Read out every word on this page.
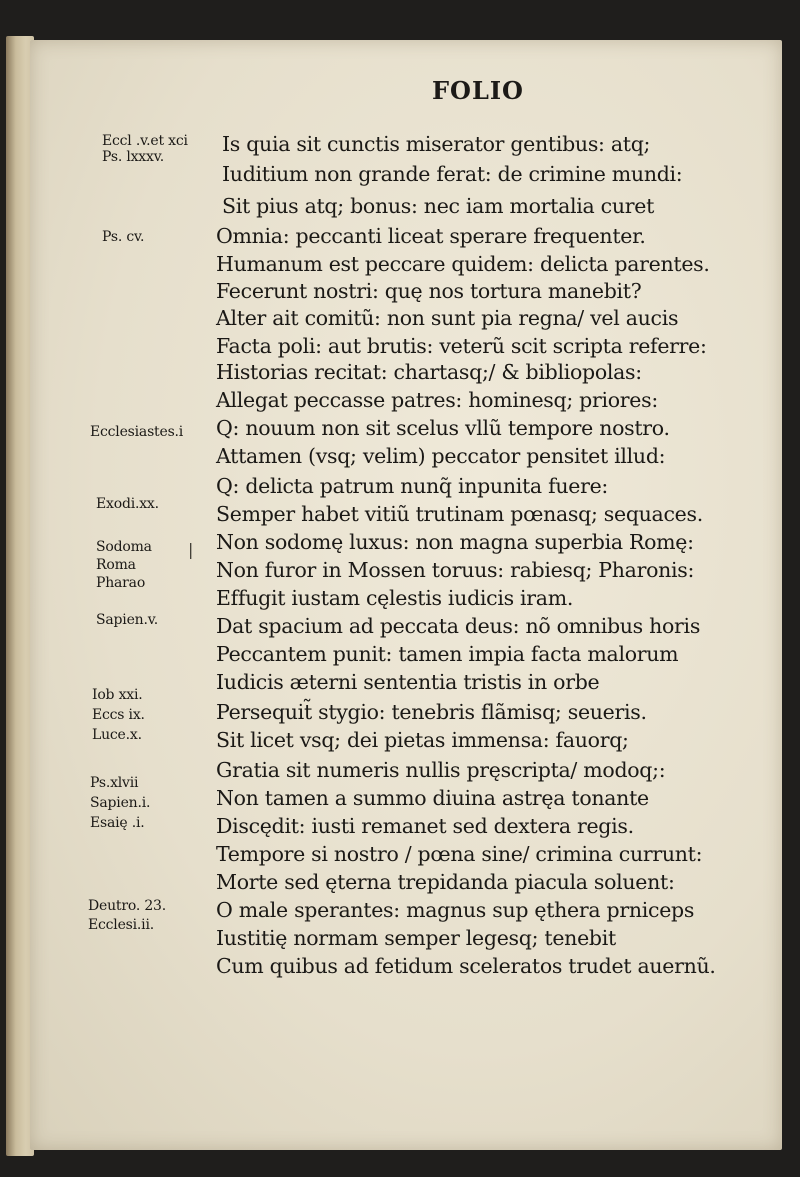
FOLIO
Eccl .v.et xci
Ps. lxxxv.
Ps. cv.
Ecclesiastes.i
Exodi.xx.
Sodoma
Roma
Pharao
Sapien.v.
Iob xxi.
Eccs ix.
Luce.x.
Ps.xlvii
Sapien.i.
Esaię .i.
Deutro. 23.
Ecclesi.ii.
|
Is quia sit cunctis miserator gentibus: atq;
Iuditium non grande ferat: de crimine mundi:
Sit pius atq; bonus: nec iam mortalia curet
Omnia: peccanti liceat sperare frequenter.
Humanum est peccare quidem: delicta parentes.
Fecerunt nostri: quę nos tortura manebit?
Alter ait comitũ: non sunt pia regna/ vel aucis
Facta poli: aut brutis: veterũ scit scripta referre:
Historias recitat: chartasq;/ & bibliopolas:
Allegat peccasse patres: hominesq; priores:
Q: nouum non sit scelus vllũ tempore nostro.
Attamen (vsq; velim) peccator pensitet illud:
Q: delicta patrum nunq̃ inpunita fuere:
Semper habet vitiũ trutinam pœnasq; sequaces.
Non sodomę luxus: non magna superbia Romę:
Non furor in Mossen toruus: rabiesq; Pharonis:
Effugit iustam cęlestis iudicis iram.
Dat spacium ad peccata deus: nõ omnibus horis
Peccantem punit: tamen impia facta malorum
Iudicis æterni sententia tristis in orbe
Persequit̃ stygio: tenebris flãmisq; seueris.
Sit licet vsq; dei pietas immensa: fauorq;
Gratia sit numeris nullis pręscripta/ modoq;:
Non tamen a summo diuina astręa tonante
Discędit: iusti remanet sed dextera regis.
Tempore si nostro / pœna sine/ crimina currunt:
Morte sed ęterna trepidanda piacula soluent:
O male sperantes: magnus sup ęthera prniceps
Iustitię normam semper legesq; tenebit
Cum quibus ad fetidum sceleratos trudet auernũ.
